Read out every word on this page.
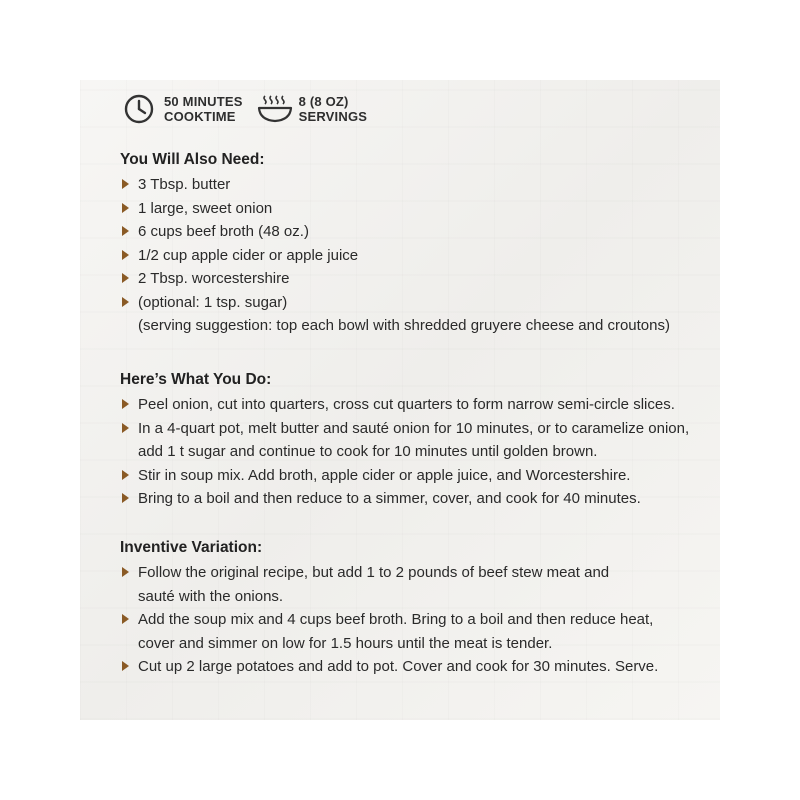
50 MINUTES
COOKTIME
8 (8 OZ)
SERVINGS
You Will Also Need:
3 Tbsp. butter
1 large, sweet onion
6 cups beef broth (48 oz.)
1/2 cup apple cider or apple juice
2 Tbsp. worcestershire
(optional: 1 tsp. sugar)
(serving suggestion: top each bowl with shredded gruyere cheese and croutons)
Here’s What You Do:
Peel onion, cut into quarters, cross cut quarters to form narrow semi-circle slices.
In a 4-quart pot, melt butter and sauté onion for 10 minutes, or to caramelize onion,
add 1 t sugar and continue to cook for 10 minutes until golden brown.
Stir in soup mix. Add broth, apple cider or apple juice, and Worcestershire.
Bring to a boil and then reduce to a simmer, cover, and cook for 40 minutes.
Inventive Variation:
Follow the original recipe, but add 1 to 2 pounds of beef stew meat and
sauté with the onions.
Add the soup mix and 4 cups beef broth. Bring to a boil and then reduce heat,
cover and simmer on low for 1.5 hours until the meat is tender.
Cut up 2 large potatoes and add to pot. Cover and cook for 30 minutes. Serve.
